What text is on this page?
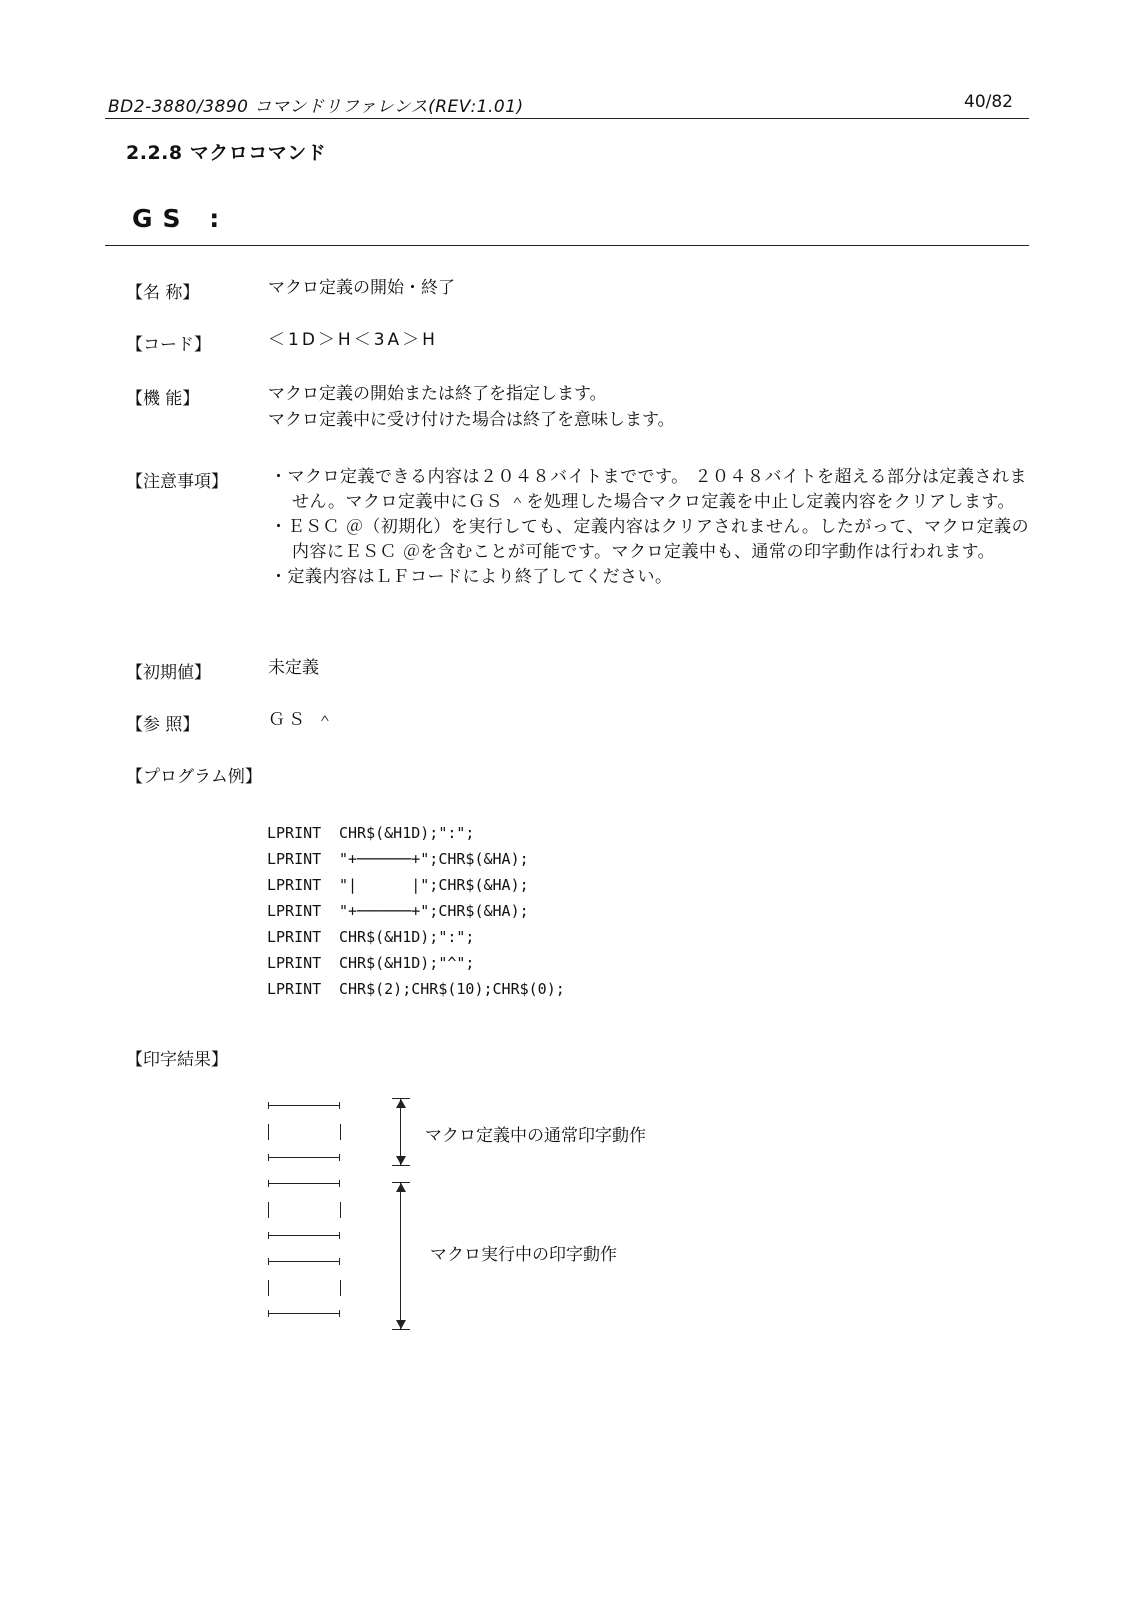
BD2-3880/3890 コマンドリファレンス(REV:1.01)	40/82
2.2.8 マクロコマンド
GS :
【名 称】	マクロ定義の開始・終了
【コード】	＜1D＞H＜3A＞H
【機 能】	マクロ定義の開始または終了を指定します。
マクロ定義中に受け付けた場合は終了を意味します。
【注意事項】 ・マクロ定義できる内容は２０４８バイトまでです。 ２０４８バイトを超える部分は定義されません。マクロ定義中にＧＳ ＾を処理した場合マクロ定義を中止し定義内容をクリアします。
・ＥＳＣ ＠（初期化）を実行しても、定義内容はクリアされません。したがって、マクロ定義の内容にＥＳＣ ＠を含むことが可能です。マクロ定義中も、通常の印字動作は行われます。
・定義内容はＬＦコードにより終了してください。
【初期値】	未定義
【参 照】	ＧＳ ＾
【プログラム例】
LPRINT	CHR$(&H1D);":";
LPRINT	"+──────+";CHR$(&HA);
LPRINT	"|      |";CHR$(&HA);
LPRINT	"+──────+";CHR$(&HA);
LPRINT	CHR$(&H1D);":";
LPRINT	CHR$(&H1D);"^";
LPRINT	CHR$(2);CHR$(10);CHR$(0);
【印字結果】
マクロ定義中の通常印字動作
マクロ実行中の印字動作
